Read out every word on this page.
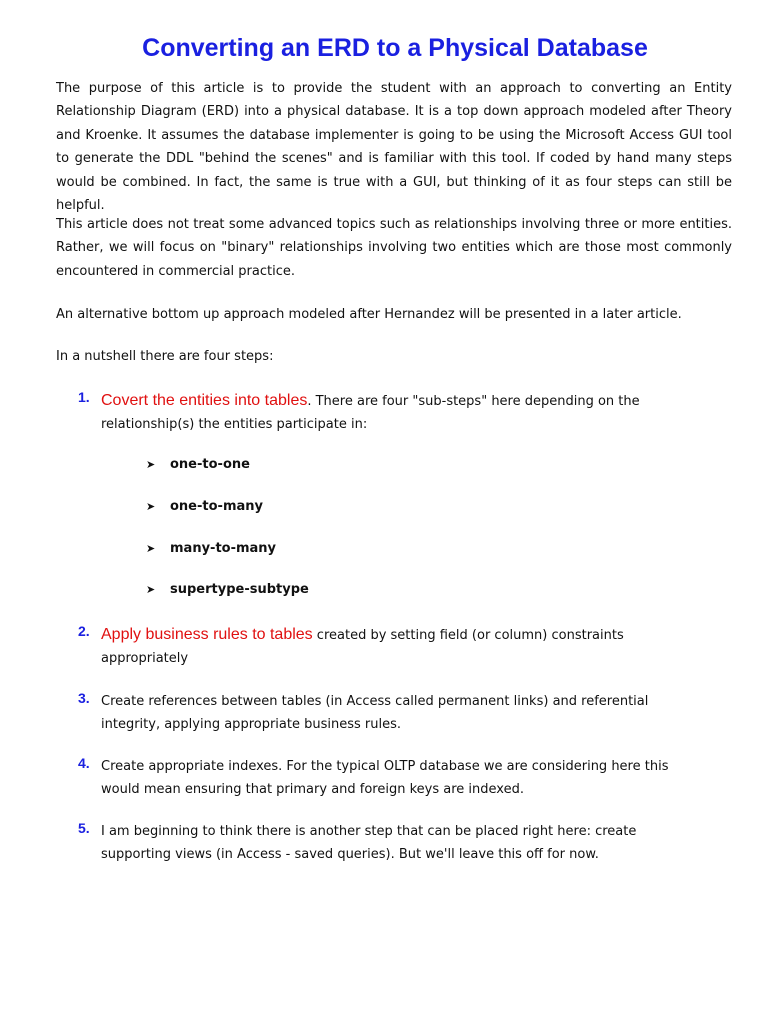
Converting an ERD to a Physical Database

The purpose of this article is to provide the student with an approach to converting an Entity Relationship Diagram (ERD) into a physical database. It is a top down approach modeled after Theory and Kroenke. It assumes the database implementer is going to be using the Microsoft Access GUI tool to generate the DDL "behind the scenes" and is familiar with this tool. If coded by hand many steps would be combined. In fact, the same is true with a GUI, but thinking of it as four steps can still be helpful.

This article does not treat some advanced topics such as relationships involving three or more entities. Rather, we will focus on "binary" relationships involving two entities which are those most commonly encountered in commercial practice.

An alternative bottom up approach modeled after Hernandez will be presented in a later article.

In a nutshell there are four steps:

1. Covert the entities into tables. There are four "sub-steps" here depending on the relationship(s) the entities participate in:
➤ one-to-one
➤ one-to-many
➤ many-to-many
➤ supertype-subtype
2. Apply business rules to tables created by setting field (or column) constraints appropriately
3. Create references between tables (in Access called permanent links) and referential integrity, applying appropriate business rules.
4. Create appropriate indexes. For the typical OLTP database we are considering here this would mean ensuring that primary and foreign keys are indexed.
5. I am beginning to think there is another step that can be placed right here: create supporting views (in Access - saved queries). But we'll leave this off for now.
